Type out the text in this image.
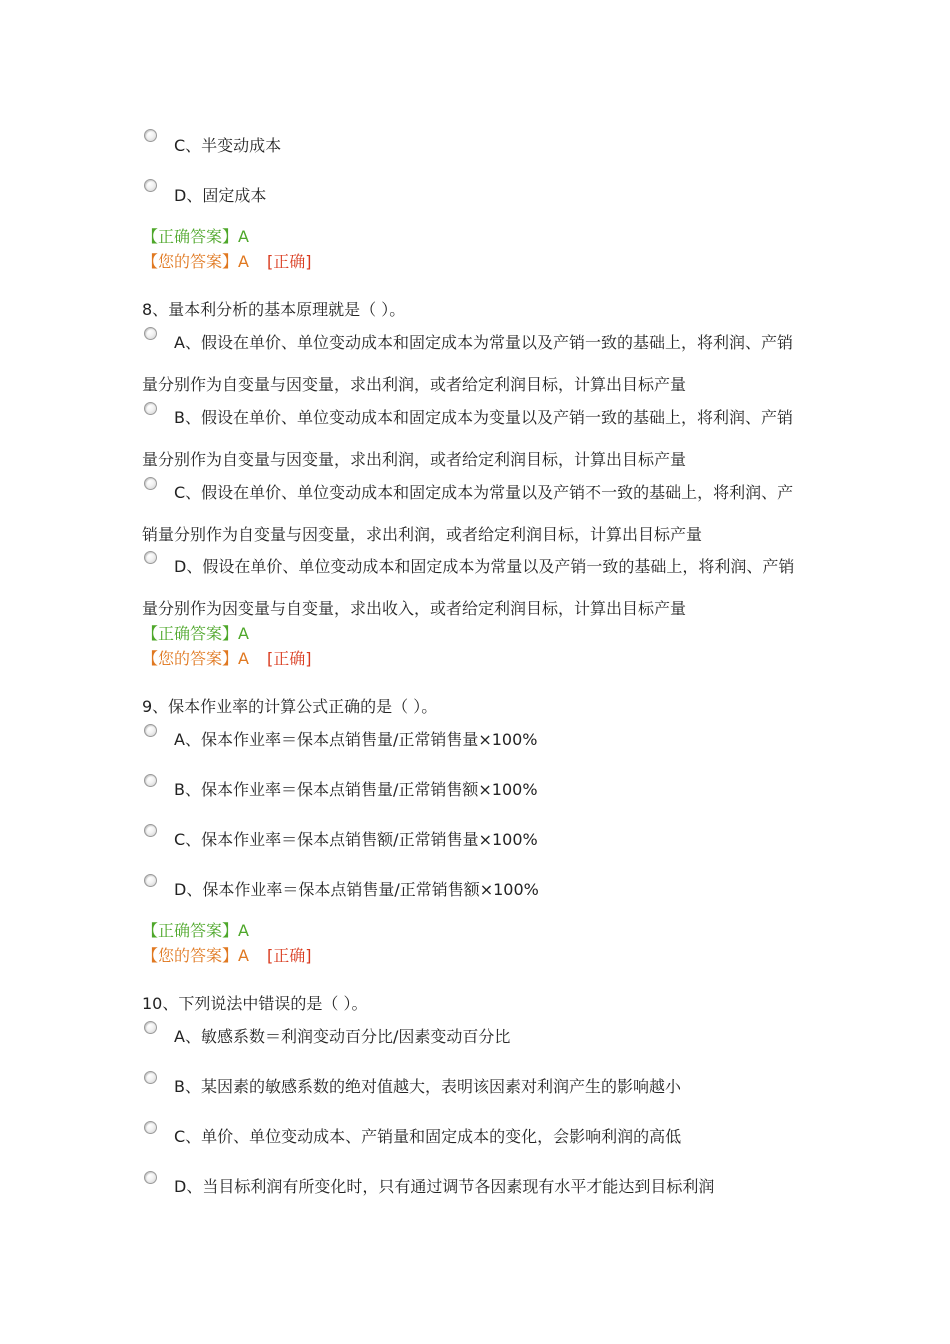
C、半变动成本
D、固定成本
【正确答案】A
【您的答案】A [正确]
8、量本利分析的基本原理就是（ ）。
A、假设在单价、单位变动成本和固定成本为常量以及产销一致的基础上，将利润、产销
量分别作为自变量与因变量，求出利润，或者给定利润目标，计算出目标产量
B、假设在单价、单位变动成本和固定成本为变量以及产销一致的基础上，将利润、产销
量分别作为自变量与因变量，求出利润，或者给定利润目标，计算出目标产量
C、假设在单价、单位变动成本和固定成本为常量以及产销不一致的基础上，将利润、产
销量分别作为自变量与因变量，求出利润，或者给定利润目标，计算出目标产量
D、假设在单价、单位变动成本和固定成本为常量以及产销一致的基础上，将利润、产销
量分别作为因变量与自变量，求出收入，或者给定利润目标，计算出目标产量
【正确答案】A
【您的答案】A [正确]
9、保本作业率的计算公式正确的是（ ）。
A、保本作业率＝保本点销售量/正常销售量×100%
B、保本作业率＝保本点销售量/正常销售额×100%
C、保本作业率＝保本点销售额/正常销售量×100%
D、保本作业率＝保本点销售量/正常销售额×100%
【正确答案】A
【您的答案】A [正确]
10、下列说法中错误的是（ ）。
A、敏感系数＝利润变动百分比/因素变动百分比
B、某因素的敏感系数的绝对值越大，表明该因素对利润产生的影响越小
C、单价、单位变动成本、产销量和固定成本的变化，会影响利润的高低
D、当目标利润有所变化时，只有通过调节各因素现有水平才能达到目标利润
